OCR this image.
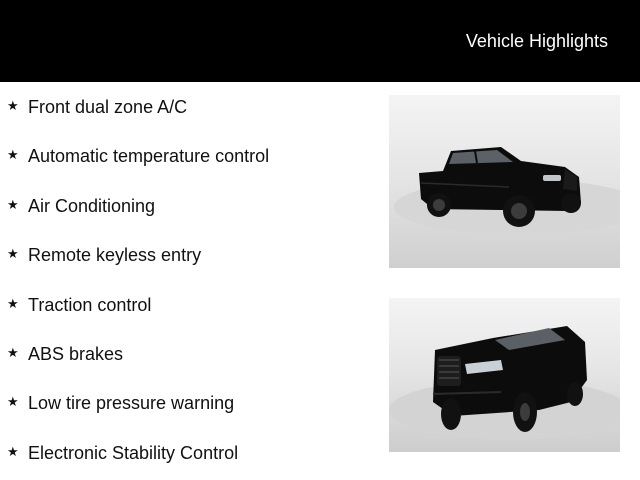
Vehicle Highlights
★ Front dual zone A/C
★ Automatic temperature control
★ Air Conditioning
★ Remote keyless entry
★ Traction control
★ ABS brakes
★ Low tire pressure warning
★ Electronic Stability Control
